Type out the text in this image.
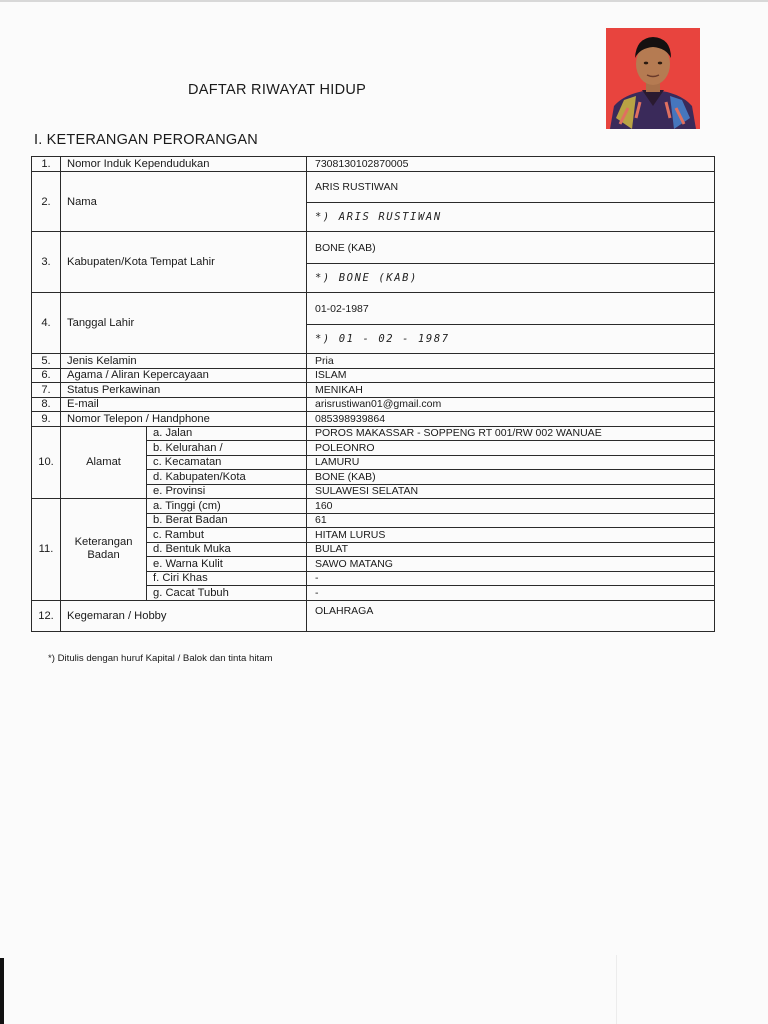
DAFTAR RIWAYAT HIDUP
I. KETERANGAN PERORANGAN
1.	Nomor Induk Kependudukan		7308130102870005
2.	Nama		ARIS RUSTIWAN
			*) ARIS RUSTIWAN
3.	Kabupaten/Kota Tempat Lahir		BONE (KAB)
			*) BONE (KAB)
4.	Tanggal Lahir		01-02-1987
			*) 01 - 02 - 1987
5.	Jenis Kelamin		Pria
6.	Agama / Aliran Kepercayaan		ISLAM
7.	Status Perkawinan		MENIKAH
8.	E-mail		arisrustiwan01@gmail.com
9.	Nomor Telepon / Handphone		085398939864
10.	Alamat	a. Jalan	POROS MAKASSAR - SOPPENG RT 001/RW 002 WANUAE
		b. Kelurahan /	POLEONRO
		c. Kecamatan	LAMURU
		d. Kabupaten/Kota	BONE (KAB)
		e. Provinsi	SULAWESI SELATAN
11.	Keterangan
Badan	a. Tinggi (cm)	160
		b. Berat Badan	61
		c. Rambut	HITAM LURUS
		d. Bentuk Muka	BULAT
		e. Warna Kulit	SAWO MATANG
		f. Ciri Khas	-
		g. Cacat Tubuh	-
12.	Kegemaran / Hobby		OLAHRAGA
*) Ditulis dengan huruf Kapital / Balok dan tinta hitam
